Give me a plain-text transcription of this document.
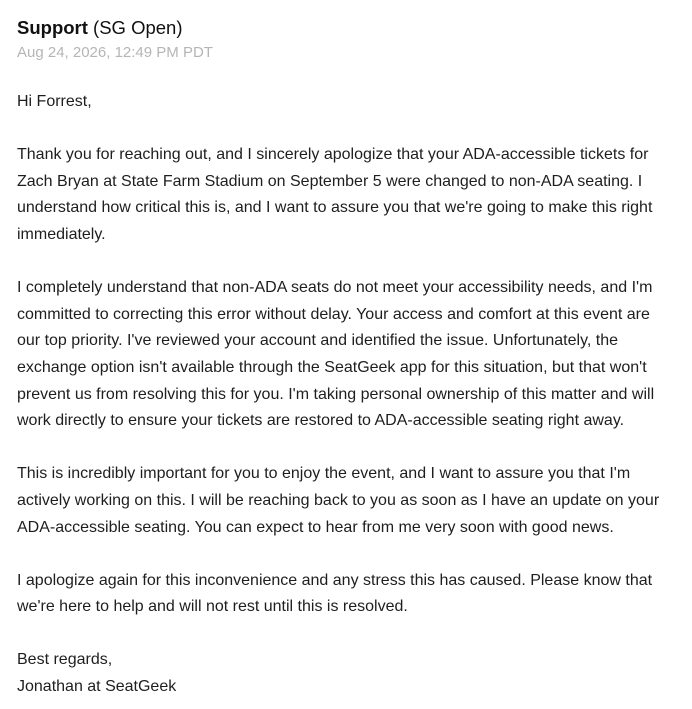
Support (SG Open)
Aug 24, 2026, 12:49 PM PDT

Hi Forrest,

Thank you for reaching out, and I sincerely apologize that your ADA-accessible tickets for Zach Bryan at State Farm Stadium on September 5 were changed to non-ADA seating. I understand how critical this is, and I want to assure you that we're going to make this right immediately.

I completely understand that non-ADA seats do not meet your accessibility needs, and I'm committed to correcting this error without delay. Your access and comfort at this event are our top priority. I've reviewed your account and identified the issue. Unfortunately, the exchange option isn't available through the SeatGeek app for this situation, but that won't prevent us from resolving this for you. I'm taking personal ownership of this matter and will work directly to ensure your tickets are restored to ADA-accessible seating right away.

This is incredibly important for you to enjoy the event, and I want to assure you that I'm actively working on this. I will be reaching back to you as soon as I have an update on your ADA-accessible seating. You can expect to hear from me very soon with good news.

I apologize again for this inconvenience and any stress this has caused. Please know that we're here to help and will not rest until this is resolved.

Best regards,
Jonathan at SeatGeek
